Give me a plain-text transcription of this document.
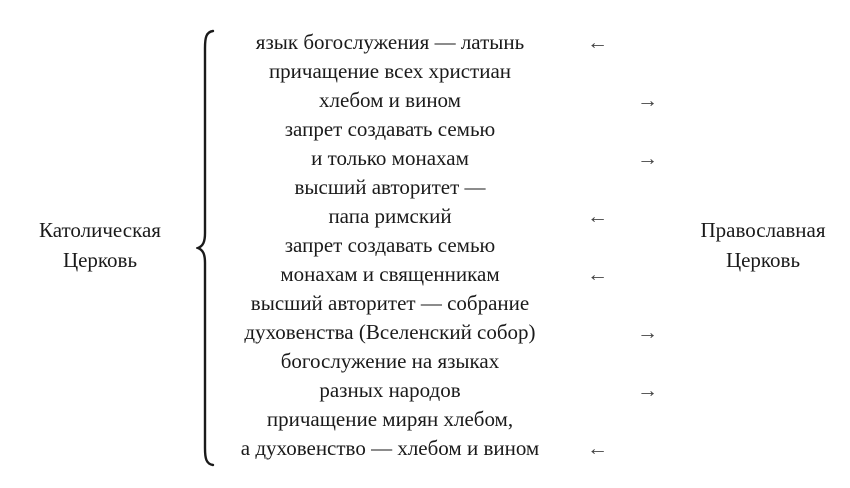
Католическая
Церковь
язык богослужения — латынь
причащение всех христиан
хлебом и вином
запрет создавать семью
и только монахам
высший авторитет —
папа римский
запрет создавать семью
монахам и священникам
высший авторитет — собрание
духовенства (Вселенский собор)
богослужение на языках
разных народов
причащение мирян хлебом,
а духовенство — хлебом и вином
←
→
→
←
←
→
→
←
Православная
Церковь
